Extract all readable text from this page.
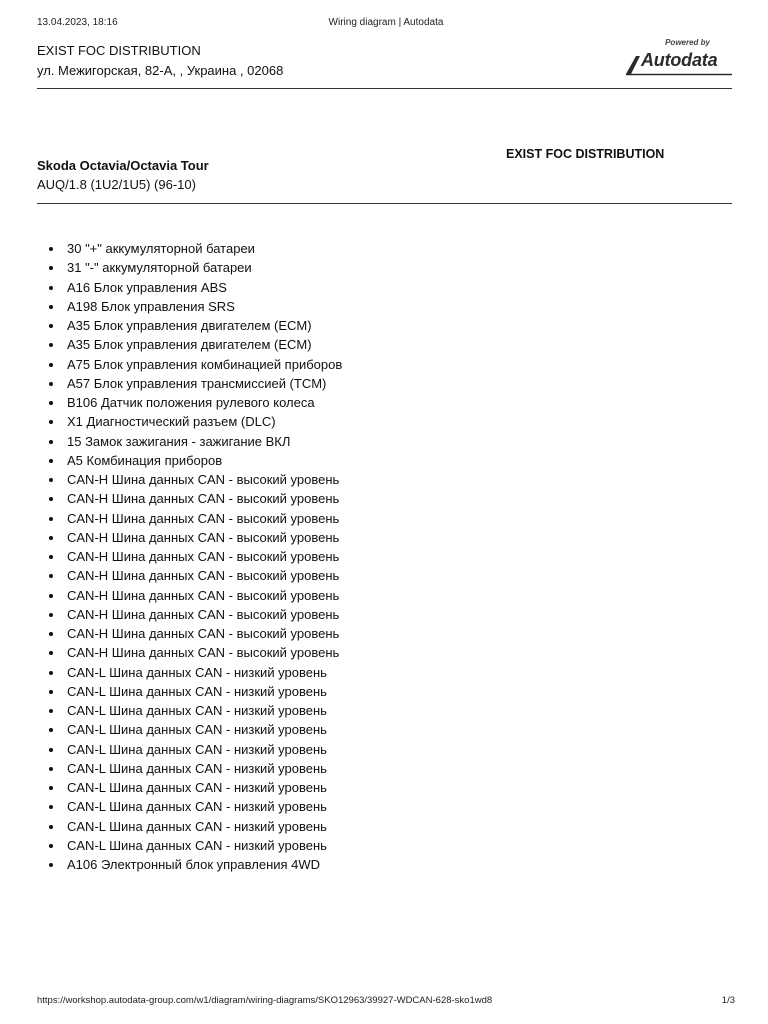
13.04.2023, 18:16	Wiring diagram | Autodata
EXIST FOC DISTRIBUTION
ул. Межигорская, 82-А, , Украина , 02068
Powered by
Autodata
Skoda Octavia/Octavia Tour
AUQ/1.8 (1U2/1U5) (96-10)
EXIST FOC DISTRIBUTION
30 "+" аккумуляторной батареи
31 "-" аккумуляторной батареи
A16 Блок управления ABS
A198 Блок управления SRS
A35 Блок управления двигателем (ECM)
A35 Блок управления двигателем (ECM)
A75 Блок управления комбинацией приборов
A57 Блок управления трансмиссией (TCM)
B106 Датчик положения рулевого колеса
X1 Диагностический разъем (DLC)
15 Замок зажигания - зажигание ВКЛ
A5 Комбинация приборов
CAN-H Шина данных CAN - высокий уровень
CAN-H Шина данных CAN - высокий уровень
CAN-H Шина данных CAN - высокий уровень
CAN-H Шина данных CAN - высокий уровень
CAN-H Шина данных CAN - высокий уровень
CAN-H Шина данных CAN - высокий уровень
CAN-H Шина данных CAN - высокий уровень
CAN-H Шина данных CAN - высокий уровень
CAN-H Шина данных CAN - высокий уровень
CAN-H Шина данных CAN - высокий уровень
CAN-L Шина данных CAN - низкий уровень
CAN-L Шина данных CAN - низкий уровень
CAN-L Шина данных CAN - низкий уровень
CAN-L Шина данных CAN - низкий уровень
CAN-L Шина данных CAN - низкий уровень
CAN-L Шина данных CAN - низкий уровень
CAN-L Шина данных CAN - низкий уровень
CAN-L Шина данных CAN - низкий уровень
CAN-L Шина данных CAN - низкий уровень
CAN-L Шина данных CAN - низкий уровень
A106 Электронный блок управления 4WD
https://workshop.autodata-group.com/w1/diagram/wiring-diagrams/SKO12963/39927-WDCAN-628-sko1wd8	1/3
